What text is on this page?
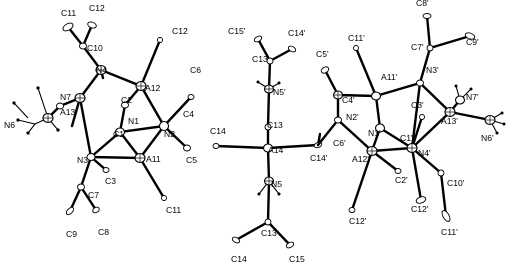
C11 C12
C10
N4
N7
N6
A13
C2
N1
C1
A12
C12
C6
C4
N2
C5
N3
C3
A11
C7
C9 C8
C11
C15'	C14'
C13'
N5'
C14
C13
A14
C14'
N5
C14
C13
C15
C5'
C11'
C8'
C7'	C9'
N3'
A11'
N2'
C4'	N7'
C3'
A13'
N6'
C6'
N1' C1'
A12'
N4'
C2'	C10'
C12'
C12'
C11'
